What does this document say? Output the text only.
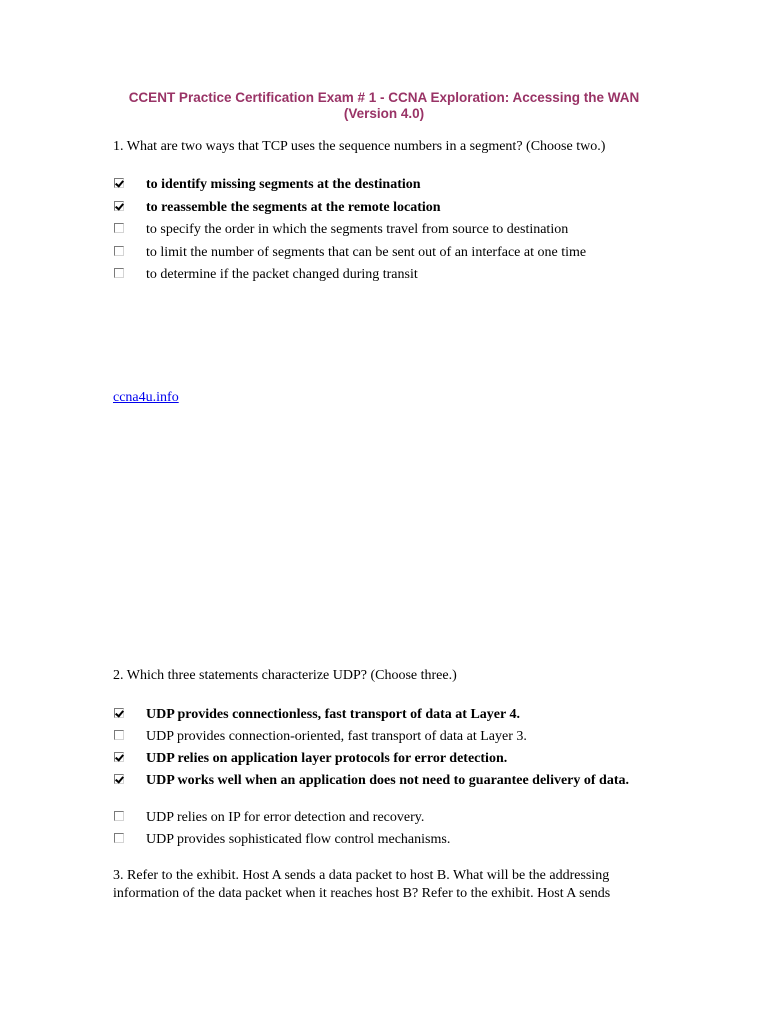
CCENT Practice Certification Exam # 1 - CCNA Exploration: Accessing the WAN
(Version 4.0)
1. What are two ways that TCP uses the sequence numbers in a segment? (Choose two.)
to identify missing segments at the destination
to reassemble the segments at the remote location
to specify the order in which the segments travel from source to destination
to limit the number of segments that can be sent out of an interface at one time
to determine if the packet changed during transit
ccna4u.info
2. Which three statements characterize UDP? (Choose three.)
UDP provides connectionless, fast transport of data at Layer 4.
UDP provides connection-oriented, fast transport of data at Layer 3.
UDP relies on application layer protocols for error detection.
UDP works well when an application does not need to guarantee delivery of data.
UDP relies on IP for error detection and recovery.
UDP provides sophisticated flow control mechanisms.
3. Refer to the exhibit. Host A sends a data packet to host B. What will be the addressing information of the data packet when it reaches host B? Refer to the exhibit. Host A sends
